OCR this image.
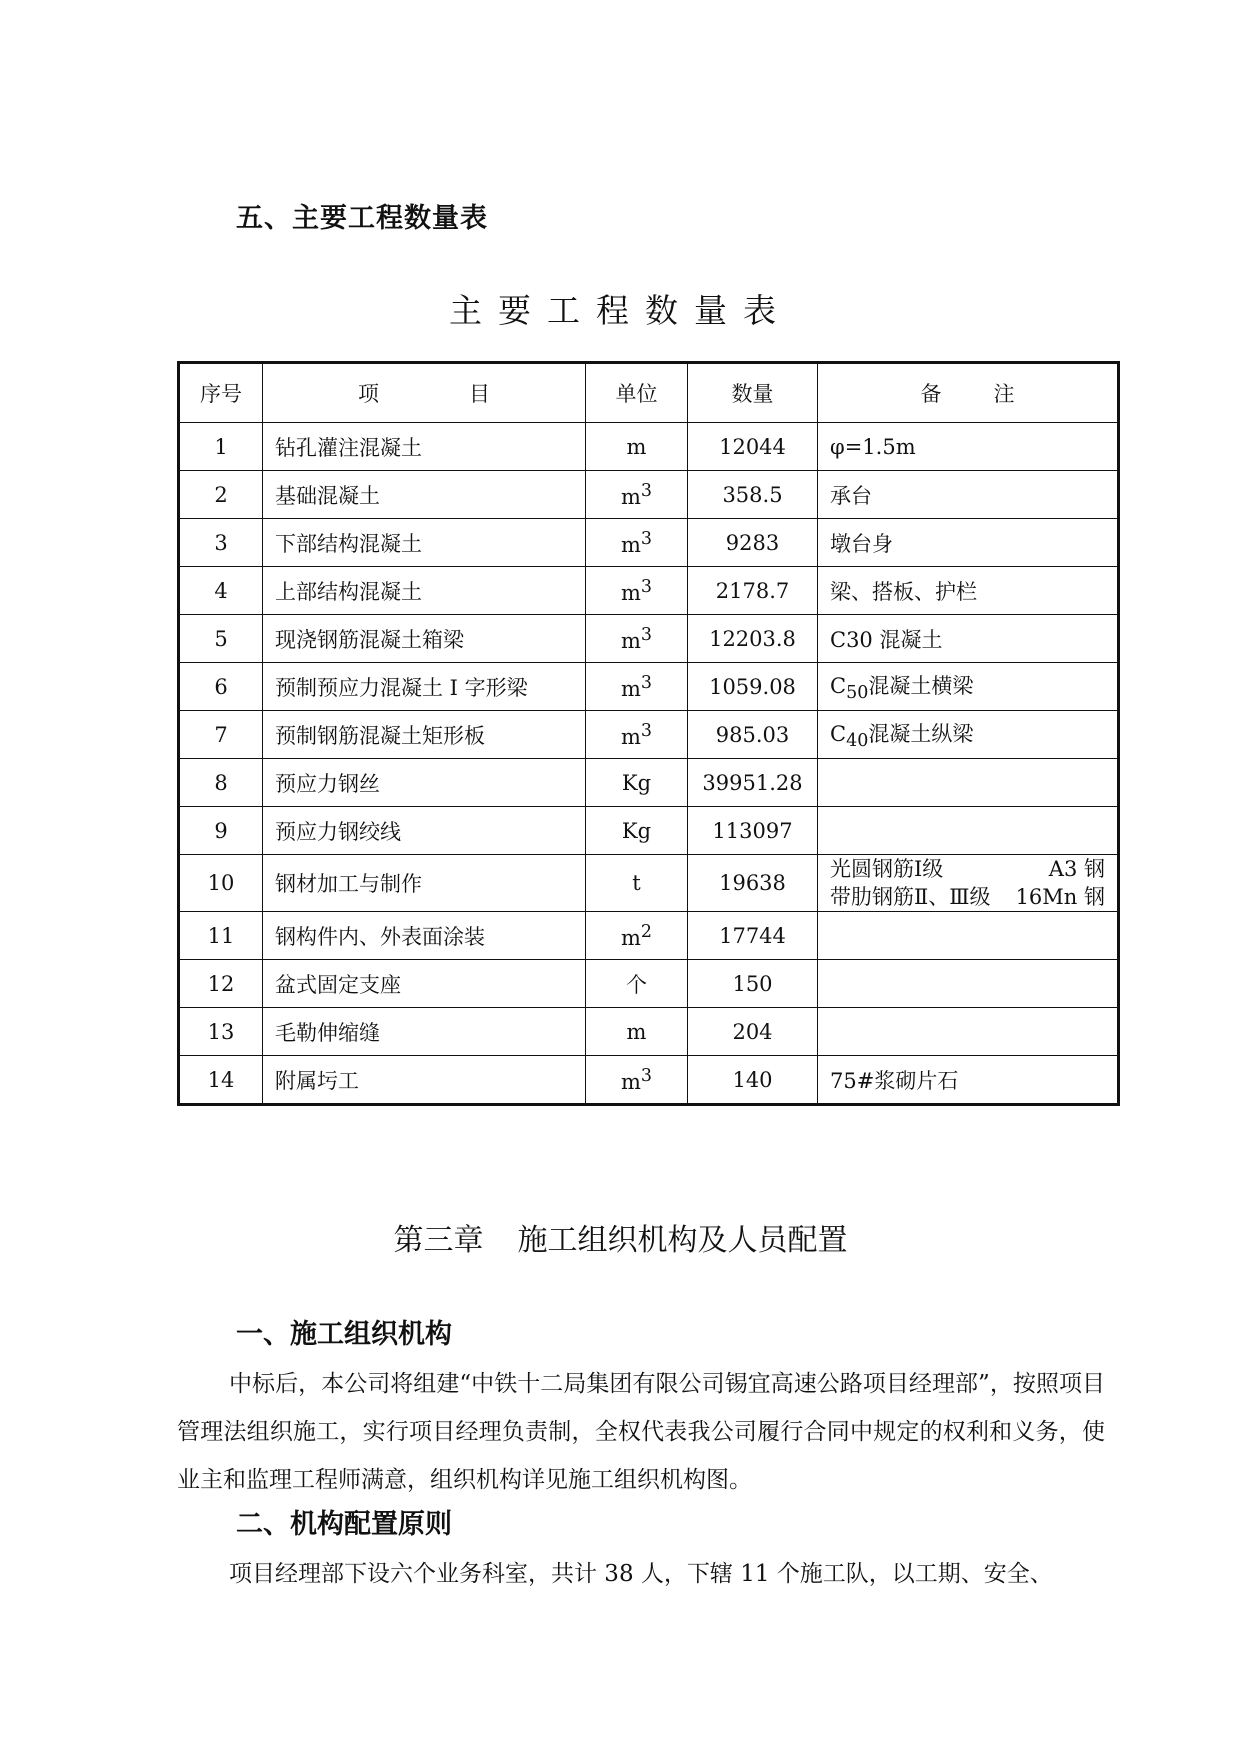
五、主要工程数量表
主要工程数量表
序号	项 目	单位	数量	备 注
1	钻孔灌注混凝土	m	12044	φ=1.5m
2	基础混凝土	$m^3$	358.5	承台
3	下部结构混凝土	$m^3$	9283	墩台身
4	上部结构混凝土	$m^3$	2178.7	梁、搭板、护栏
5	现浇钢筋混凝土箱梁	$m^3$	12203.8	C30 混凝土
6	预制预应力混凝土 I 字形梁	$m^3$	1059.08	$C_{50}$混凝土横梁
7	预制钢筋混凝土矩形板	$m^3$	985.03	$C_{40}$混凝土纵梁
8	预应力钢丝	Kg	39951.28	
9	预应力钢绞线	Kg	113097	
10	钢材加工与制作	t	19638	光圆钢筋Ⅰ级 A3 钢
带肋钢筋Ⅱ、Ⅲ级 16Mn 钢

11	钢构件内、外表面涂装	$m^2$	17744	
12	盆式固定支座	个	150	
13	毛勒伸缩缝	m	204	
14	附属圬工	$m^3$	140	75#浆砌片石
第三章 施工组织机构及人员配置
一、施工组织机构
中标后，本公司将组建“中铁十二局集团有限公司锡宜高速公路项目经理部”，按照项目管理法组织施工，实行项目经理负责制，全权代表我公司履行合同中规定的权利和义务，使业主和监理工程师满意，组织机构详见施工组织机构图。
二、机构配置原则
项目经理部下设六个业务科室，共计 38 人，下辖 11 个施工队，以工期、安全、
